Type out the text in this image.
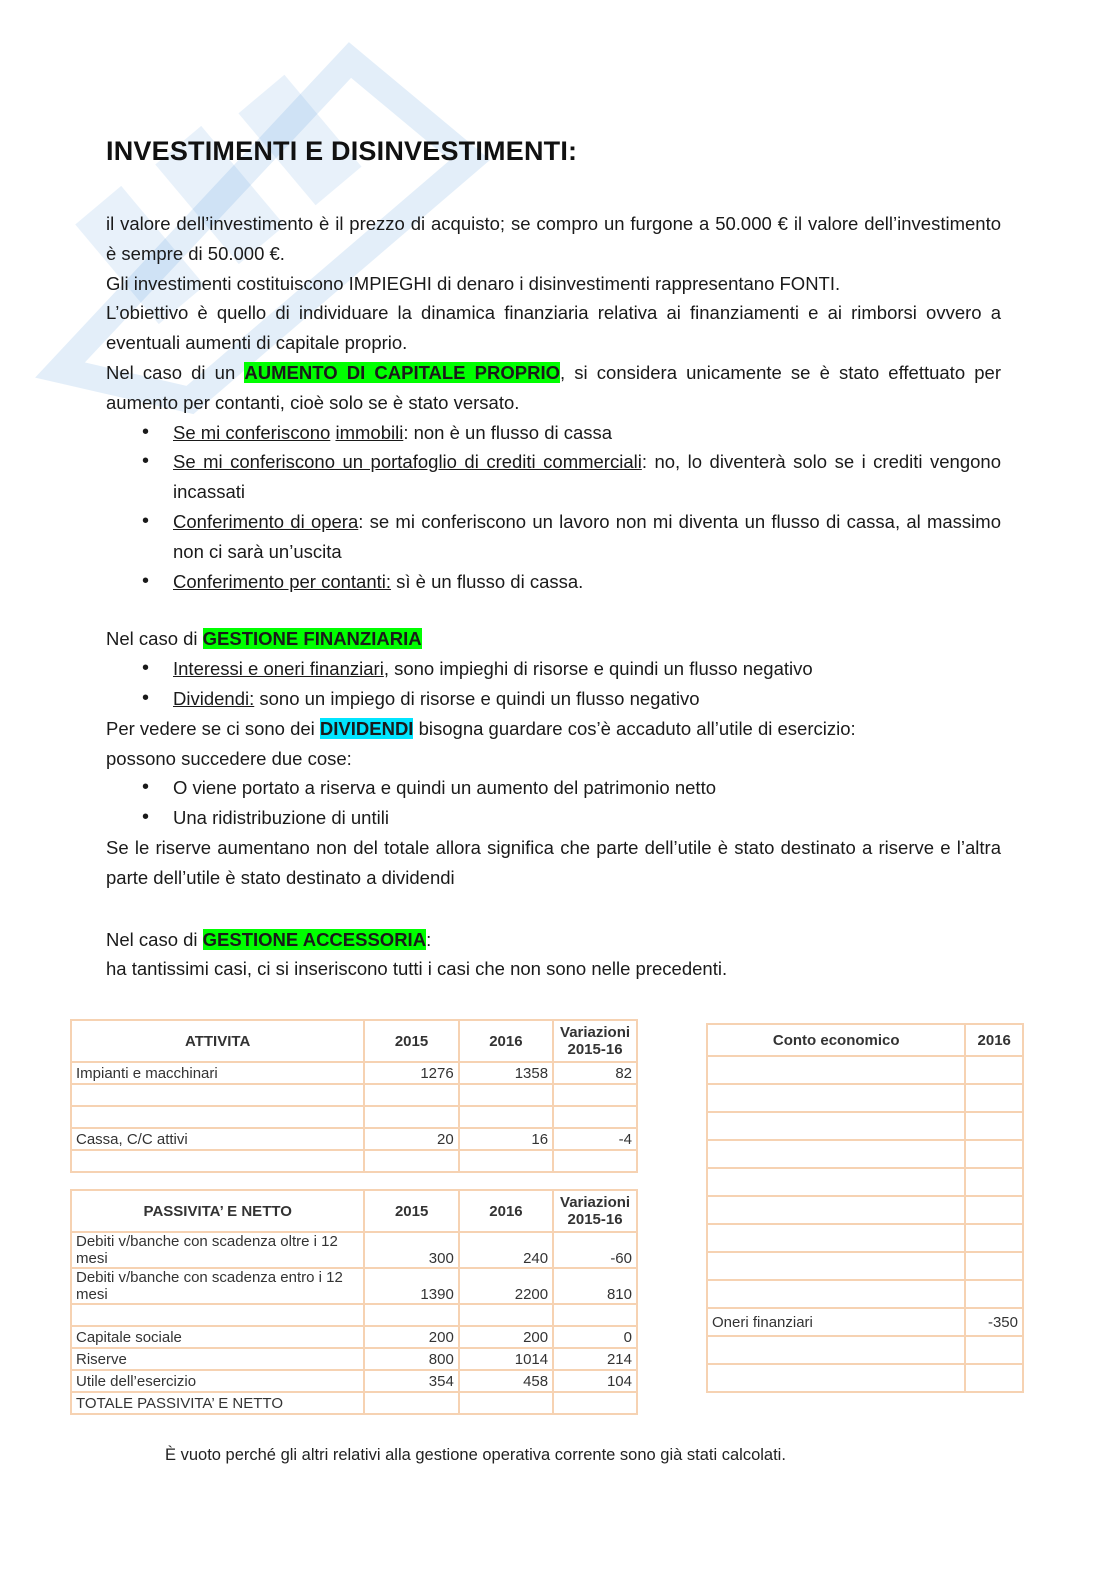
INVESTIMENTI E DISINVESTIMENTI:

il valore dell’investimento è il prezzo di acquisto; se compro un furgone a 50.000 € il valore dell’investimento è sempre di 50.000 €.

Gli investimenti costituiscono IMPIEGHI di denaro i disinvestimenti rappresentano FONTI.

L’obiettivo è quello di individuare la dinamica finanziaria relativa ai finanziamenti e ai rimborsi ovvero a eventuali aumenti di capitale proprio.

Nel caso di un AUMENTO DI CAPITALE PROPRIO, si considera unicamente se è stato effettuato per aumento per contanti, cioè solo se è stato versato.

• Se mi conferiscono immobili: non è un flusso di cassa
• Se mi conferiscono un portafoglio di crediti commerciali: no, lo diventerà solo se i crediti vengono incassati
• Conferimento di opera: se mi conferiscono un lavoro non mi diventa un flusso di cassa, al massimo non ci sarà un’uscita
• Conferimento per contanti: sì è un flusso di cassa.

Nel caso di GESTIONE FINANZIARIA

• Interessi e oneri finanziari, sono impieghi di risorse e quindi un flusso negativo
• Dividendi: sono un impiego di risorse e quindi un flusso negativo

Per vedere se ci sono dei DIVIDENDI bisogna guardare cos’è accaduto all’utile di esercizio:

possono succedere due cose:

• O viene portato a riserva e quindi un aumento del patrimonio netto
• Una ridistribuzione di untili

Se le riserve aumentano non del totale allora significa che parte dell’utile è stato destinato a riserve e l’altra parte dell’utile è stato destinato a dividendi

Nel caso di GESTIONE ACCESSORIA:

ha tantissimi casi, ci si inseriscono tutti i casi che non sono nelle precedenti.

ATTIVITA	2015	2016	Variazioni 2015-16
Impianti e macchinari	1276	1358	82

Cassa, C/C attivi	20	16	-4

PASSIVITA’ E NETTO	2015	2016	Variazioni 2015-16
Debiti v/banche con scadenza oltre i 12 mesi	300	240	-60
Debiti v/banche con scadenza entro i 12 mesi	1390	2200	810

Capitale sociale	200	200	0
Riserve	800	1014	214
Utile dell’esercizio	354	458	104
TOTALE PASSIVITA’ E NETTO			
Conto economico	2016

Oneri finanziari	-350

È vuoto perché gli altri relativi alla gestione operativa corrente sono già stati calcolati.
